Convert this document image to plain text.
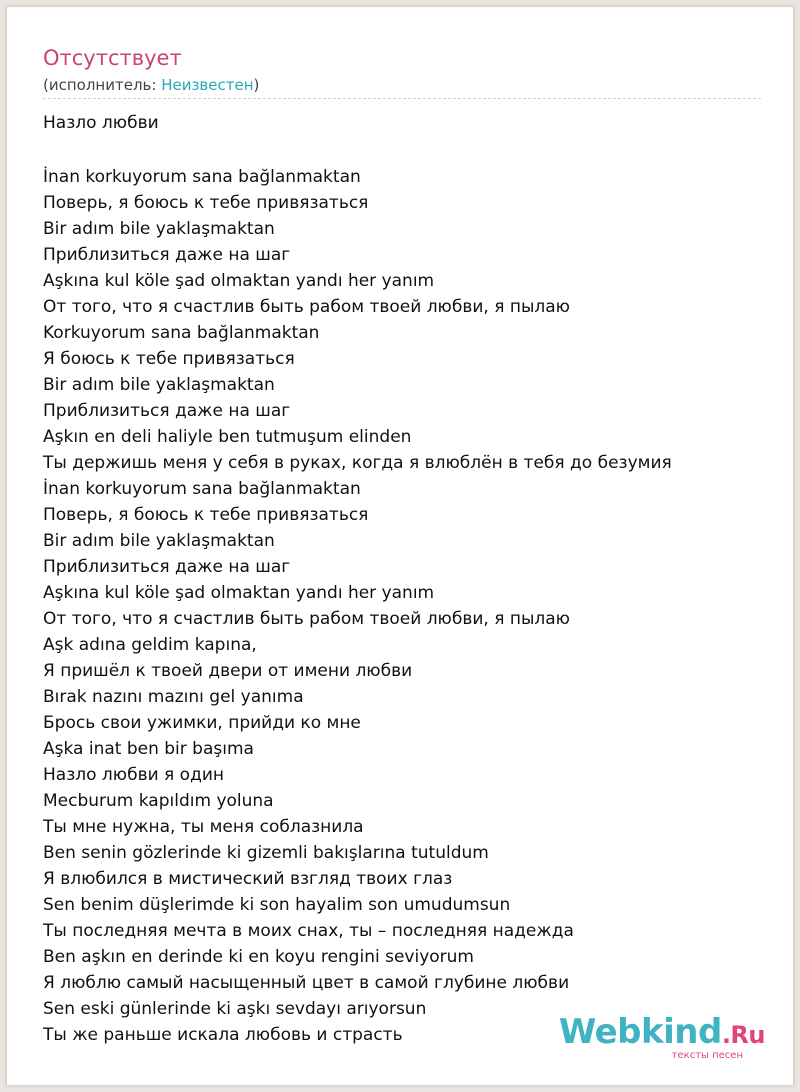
Отсутствует
(исполнитель: Неизвестен)
Назло любви
İnan korkuyorum sana bağlanmaktan
Поверь, я боюсь к тебе привязаться
Bir adım bile yaklaşmaktan
Приблизиться даже на шаг
Aşkına kul köle şad olmaktan yandı her yanım
От того, что я счастлив быть рабом твоей любви, я пылаю
Korkuyorum sana bağlanmaktan
Я боюсь к тебе привязаться
Bir adım bile yaklaşmaktan
Приблизиться даже на шаг
Aşkın en deli haliyle ben tutmuşum elinden
Ты держишь меня у себя в руках, когда я влюблён в тебя до безумия
İnan korkuyorum sana bağlanmaktan
Поверь, я боюсь к тебе привязаться
Bir adım bile yaklaşmaktan
Приблизиться даже на шаг
Aşkına kul köle şad olmaktan yandı her yanım
От того, что я счастлив быть рабом твоей любви, я пылаю
Aşk adına geldim kapına,
Я пришёл к твоей двери от имени любви
Bırak nazını mazını gel yanıma
Брось свои ужимки, прийди ко мне
Aşka inat ben bir başıma
Назло любви я один
Mecburum kapıldım yoluna
Ты мне нужна, ты меня соблазнила
Ben senin gözlerinde ki gizemli bakışlarına tutuldum
Я влюбился в мистический взгляд твоих глаз
Sen benim düşlerimde ki son hayalim son umudumsun
Ты последняя мечта в моих снах, ты – последняя надежда
Ben aşkın en derinde ki en koyu rengini seviyorum
Я люблю самый насыщенный цвет в самой глубине любви
Sen eski günlerinde ki aşkı sevdayı arıyorsun
Ты же раньше искала любовь и страсть	Webkind.Ru
тексты песен
